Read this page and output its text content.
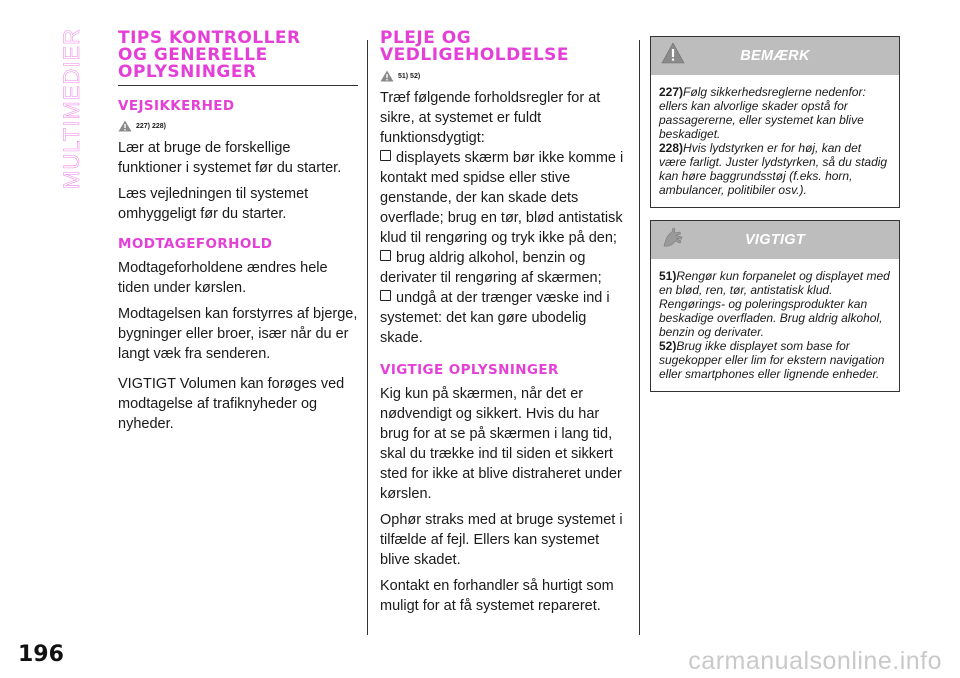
MULTIMEDIER TIPS KONTROLLER
OG GENERELLE
OPLYSNINGER
VEJSIKKERHED
227) 228)

Lær at bruge de forskellige funktioner i systemet før du starter.

Læs vejledningen til systemet omhyggeligt før du starter.

MODTAGEFORHOLD

Modtageforholdene ændres hele tiden under kørslen.

Modtagelsen kan forstyrres af bjerge, bygninger eller broer, især når du er langt væk fra senderen.

VIGTIGT Volumen kan forøges ved modtagelse af trafiknyheder og nyheder.

PLEJE OG
VEDLIGEHOLDELSE
51) 52)

Træf følgende forholdsregler for at sikre, at systemet er fuldt funktionsdygtigt:

displayets skærm bør ikke komme i kontakt med spidse eller stive genstande, der kan skade dets overflade; brug en tør, blød antistatisk klud til rengøring og tryk ikke på den;

brug aldrig alkohol, benzin og derivater til rengøring af skærmen;

undgå at der trænger væske ind i systemet: det kan gøre ubodelig skade.

VIGTIGE OPLYSNINGER

Kig kun på skærmen, når det er nødvendigt og sikkert. Hvis du har brug for at se på skærmen i lang tid, skal du trække ind til siden et sikkert sted for ikke at blive distraheret under kørslen.

Ophør straks med at bruge systemet i tilfælde af fejl. Ellers kan systemet blive skadet.

Kontakt en forhandler så hurtigt som muligt for at få systemet repareret.

BEMÆRK

227)Følg sikkerhedsreglerne nedenfor: ellers kan alvorlige skader opstå for passagererne, eller systemet kan blive beskadiget.

228)Hvis lydstyrken er for høj, kan det være farligt. Juster lydstyrken, så du stadig kan høre baggrundsstøj (f.eks. horn, ambulancer, politibiler osv.).

VIGTIGT

51)Rengør kun forpanelet og displayet med en blød, ren, tør, antistatisk klud. Rengørings- og poleringsprodukter kan beskadige overfladen. Brug aldrig alkohol, benzin og derivater.

52)Brug ikke displayet som base for sugekopper eller lim for ekstern navigation eller smartphones eller lignende enheder.

196	carmanualsonline.info
